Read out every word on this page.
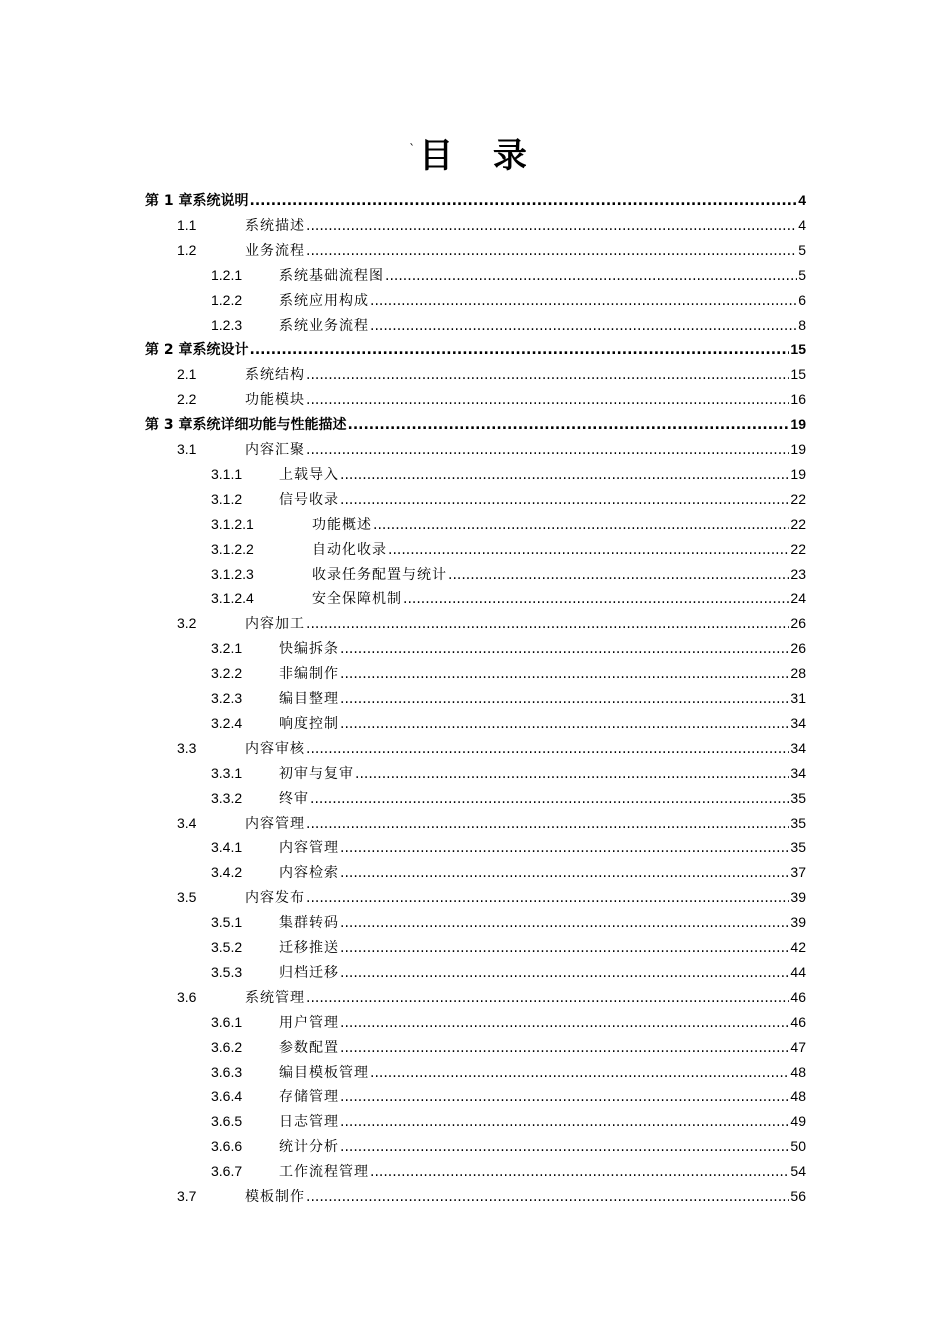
` 目 录
第 1 章系统说明 .....	4
1.1	系统描述 .....	4
1.2	业务流程 .....	5
1.2.1	系统基础流程图 .....	5
1.2.2	系统应用构成 .....	6
1.2.3	系统业务流程 .....	8
第 2 章系统设计 .....	15
2.1	系统结构 .....	15
2.2	功能模块 .....	16
第 3 章系统详细功能与性能描述 .....	19
3.1	内容汇聚 .....	19
3.1.1	上载导入 .....	19
3.1.2	信号收录 .....	22
3.1.2.1	功能概述 .....	22
3.1.2.2	自动化收录 .....	22
3.1.2.3	收录任务配置与统计 .....	23
3.1.2.4	安全保障机制 .....	24
3.2	内容加工 .....	26
3.2.1	快编拆条 .....	26
3.2.2	非编制作 .....	28
3.2.3	编目整理 .....	31
3.2.4	响度控制 .....	34
3.3	内容审核 .....	34
3.3.1	初审与复审 .....	34
3.3.2	终审 .....	35
3.4	内容管理 .....	35
3.4.1	内容管理 .....	35
3.4.2	内容检索 .....	37
3.5	内容发布 .....	39
3.5.1	集群转码 .....	39
3.5.2	迁移推送 .....	42
3.5.3	归档迁移 .....	44
3.6	系统管理 .....	46
3.6.1	用户管理 .....	46
3.6.2	参数配置 .....	47
3.6.3	编目模板管理 .....	48
3.6.4	存储管理 .....	48
3.6.5	日志管理 .....	49
3.6.6	统计分析 .....	50
3.6.7	工作流程管理 .....	54
3.7	模板制作 .....	56
